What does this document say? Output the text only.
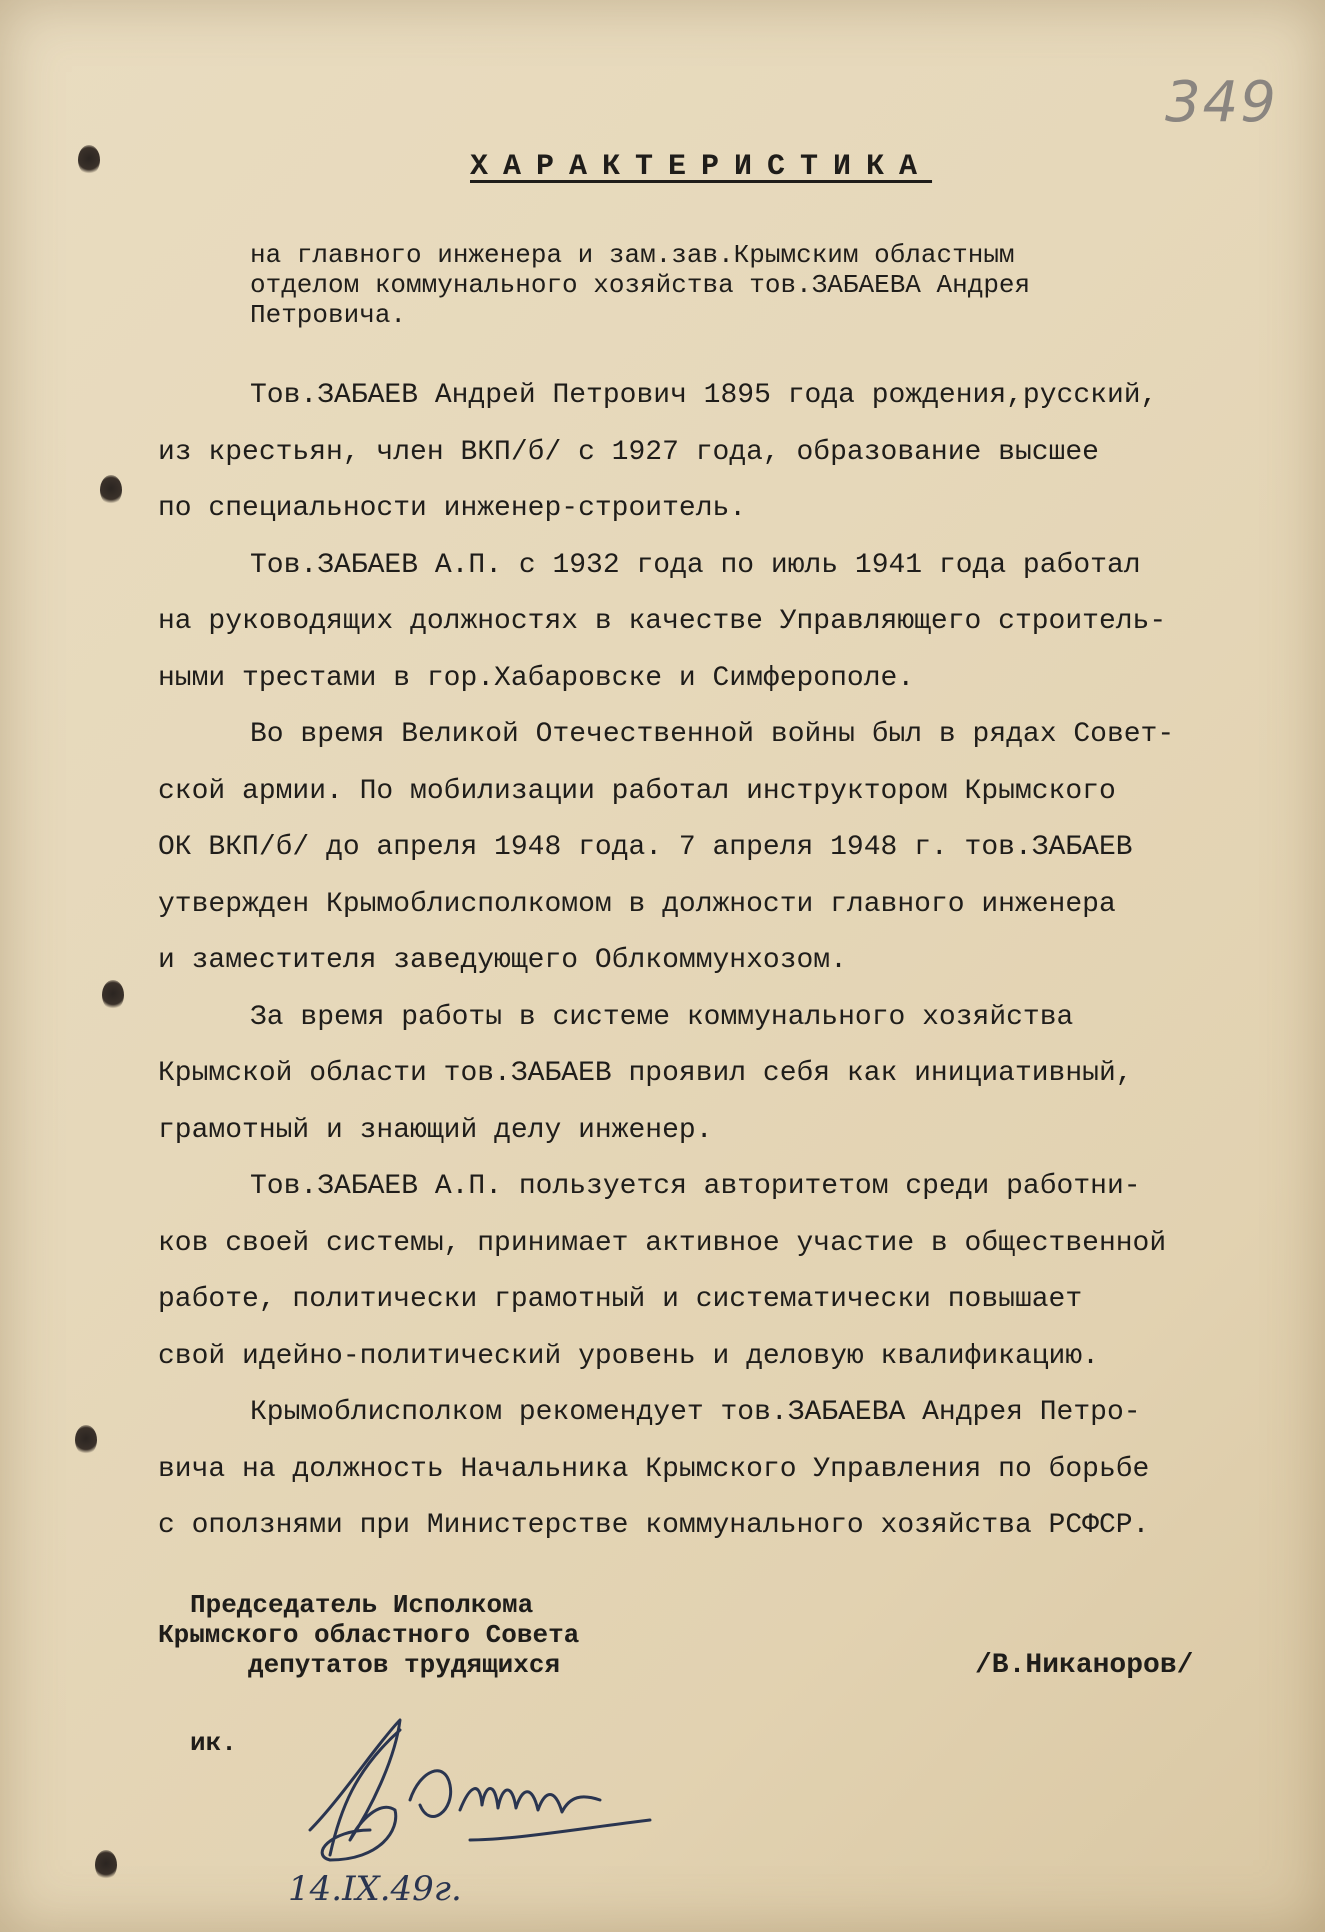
349
ХАРАКТЕРИСТИКА
на главного инженера и зам.зав.Крымским областным
отделом коммунального хозяйства тов.ЗАБАЕВА Андрея
Петровича.
Тов.ЗАБАЕВ Андрей Петрович 1895 года рождения,русский,
из крестьян, член ВКП/б/ с 1927 года, образование высшее
по специальности инженер-строитель.
Тов.ЗАБАЕВ А.П. с 1932 года по июль 1941 года работал
на руководящих должностях в качестве Управляющего строитель-
ными трестами в гор.Хабаровске и Симферополе.
Во время Великой Отечественной войны был в рядах Совет-
ской армии. По мобилизации работал инструктором Крымского
ОК ВКП/б/ до апреля 1948 года. 7 апреля 1948 г. тов.ЗАБАЕВ
утвержден Крымоблисполкомом в должности главного инженера
и заместителя заведующего Облкоммунхозом.
За время работы в системе коммунального хозяйства
Крымской области тов.ЗАБАЕВ проявил себя как инициативный,
грамотный и знающий делу инженер.
Тов.ЗАБАЕВ А.П. пользуется авторитетом среди работни-
ков своей системы, принимает активное участие в общественной
работе, политически грамотный и систематически повышает
свой идейно-политический уровень и деловую квалификацию.
Крымоблисполком рекомендует тов.ЗАБАЕВА Андрея Петро-
вича на должность Начальника Крымского Управления по борьбе
с оползнями при Министерстве коммунального хозяйства РСФСР.
Председатель Исполкома
Крымского областного Совета
депутатов трудящихся	/В.Никаноров/
ик.
14.IX.49г.
